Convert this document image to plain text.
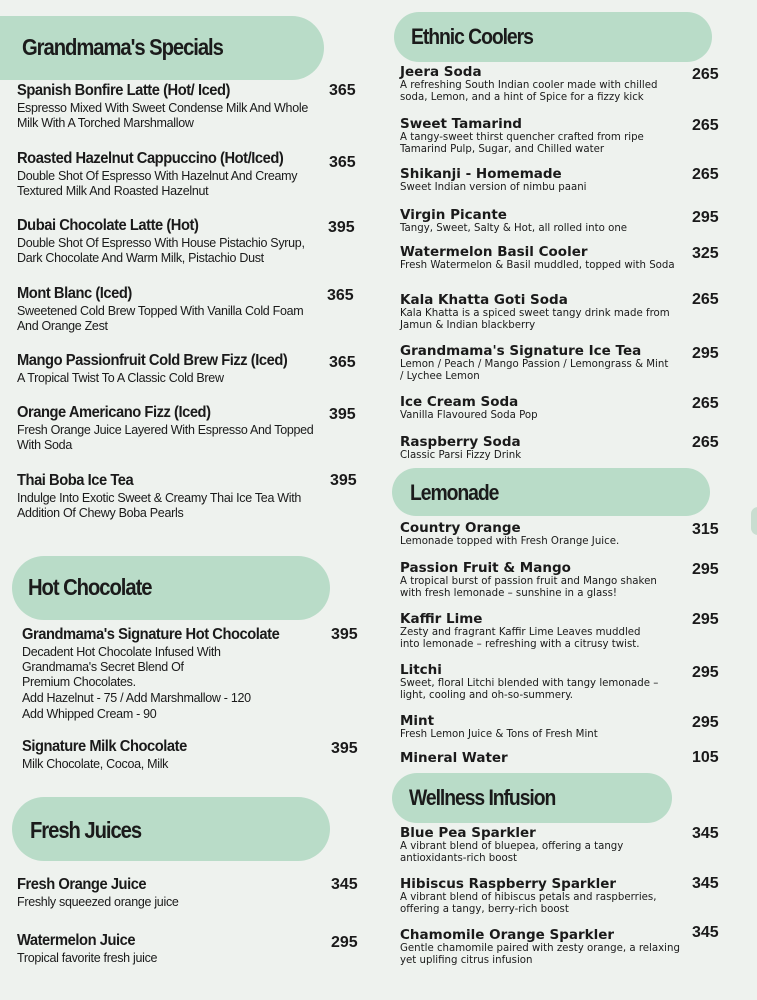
Grandmama's Specials
Spanish Bonfire Latte (Hot/ Iced)
Espresso Mixed With Sweet Condense Milk And Whole Milk With A Torched Marshmallow
365
Roasted Hazelnut Cappuccino (Hot/Iced)
Double Shot Of Espresso With Hazelnut And Creamy Textured Milk And Roasted Hazelnut
365
Dubai Chocolate Latte (Hot)
Double Shot Of Espresso With House Pistachio Syrup, Dark Chocolate And Warm Milk, Pistachio Dust
395
Mont Blanc (Iced)
Sweetened Cold Brew Topped With Vanilla Cold Foam And Orange Zest
365
Mango Passionfruit Cold Brew Fizz (Iced)
A Tropical Twist To A Classic Cold Brew
365
Orange Americano Fizz (Iced)
Fresh Orange Juice Layered With Espresso And Topped With Soda
395
Thai Boba Ice Tea
Indulge Into Exotic Sweet & Creamy Thai Ice Tea With Addition Of Chewy Boba Pearls
395
Hot Chocolate
Grandmama's Signature Hot Chocolate
Decadent Hot Chocolate Infused With Grandmama's Secret Blend Of Premium Chocolates.
Add Hazelnut - 75 / Add Marshmallow - 120
Add Whipped Cream - 90
395
Signature Milk Chocolate
Milk Chocolate, Cocoa, Milk
395
Fresh Juices
Fresh Orange Juice
Freshly squeezed orange juice
345
Watermelon Juice
Tropical favorite fresh juice
295
Ethnic Coolers
Jeera Soda
A refreshing South Indian cooler made with chilled soda, Lemon, and a hint of Spice for a fizzy kick
265
Sweet Tamarind
A tangy-sweet thirst quencher crafted from ripe Tamarind Pulp, Sugar, and Chilled water
265
Shikanji - Homemade
Sweet Indian version of nimbu paani
265
Virgin Picante
Tangy, Sweet, Salty & Hot, all rolled into one
295
Watermelon Basil Cooler
Fresh Watermelon & Basil muddled, topped with Soda
325
Kala Khatta Goti Soda
Kala Khatta is a spiced sweet tangy drink made from Jamun & Indian blackberry
265
Grandmama's Signature Ice Tea
Lemon / Peach / Mango Passion / Lemongrass & Mint / Lychee Lemon
295
Ice Cream Soda
Vanilla Flavoured Soda Pop
265
Raspberry Soda
Classic Parsi Fizzy Drink
265
Lemonade
Country Orange
Lemonade topped with Fresh Orange Juice.
315
Passion Fruit & Mango
A tropical burst of passion fruit and Mango shaken with fresh lemonade – sunshine in a glass!
295
Kaffir Lime
Zesty and fragrant Kaffir Lime Leaves muddled into lemonade – refreshing with a citrusy twist.
295
Litchi
Sweet, floral Litchi blended with tangy lemonade – light, cooling and oh-so-summery.
295
Mint
Fresh Lemon Juice & Tons of Fresh Mint
295
Mineral Water	105
Wellness Infusion
Blue Pea Sparkler
A vibrant blend of bluepea, offering a tangy antioxidants-rich boost
345
Hibiscus Raspberry Sparkler
A vibrant blend of hibiscus petals and raspberries, offering a tangy, berry-rich boost
345
Chamomile Orange Sparkler
Gentle chamomile paired with zesty orange, a relaxing yet uplifing citrus infusion
345
